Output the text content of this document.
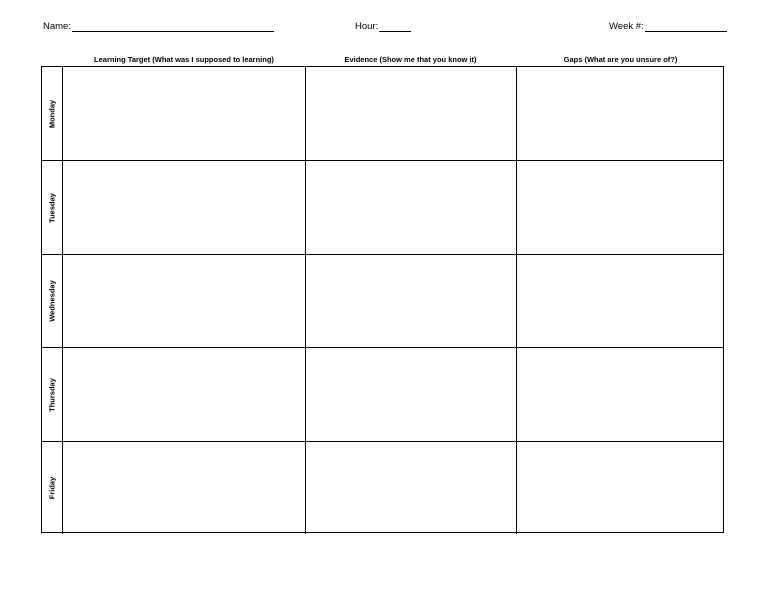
Name:	Hour:	Week #:
Learning Target (What was I supposed to learning)	Evidence (Show me that you know it)	Gaps (What are you unsure of?)
Monday
Tuesday
Wednesday
Thursday
Friday
